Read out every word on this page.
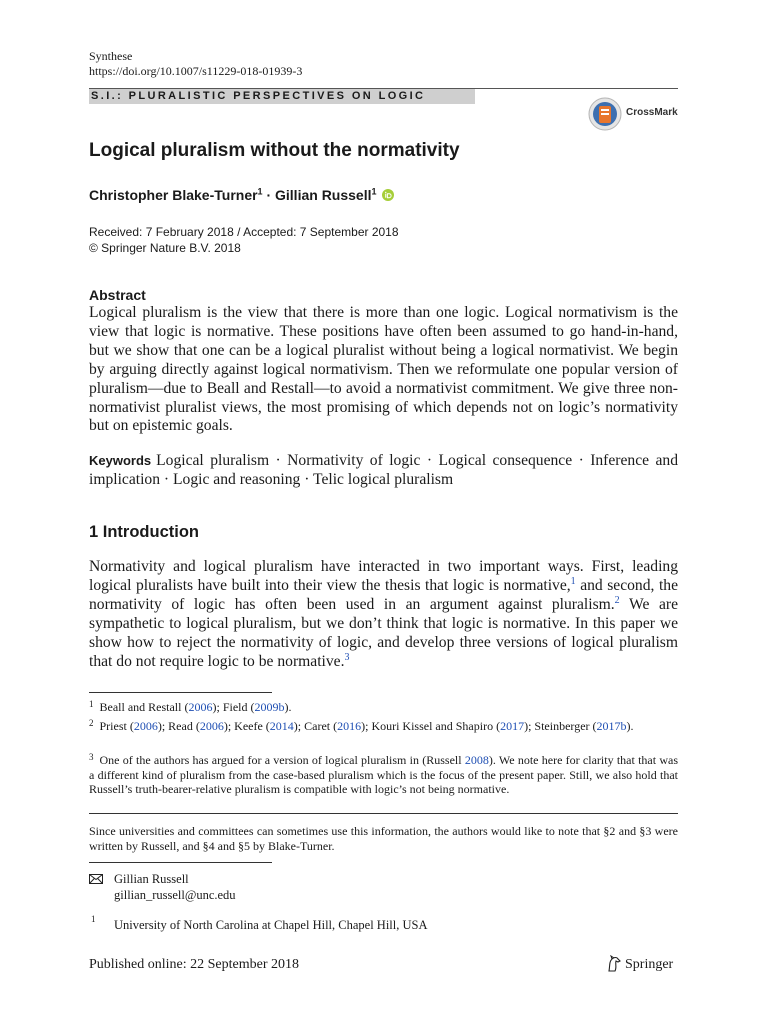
Synthese
https://doi.org/10.1007/s11229-018-01939-3
S.I.: PLURALISTIC PERSPECTIVES ON LOGIC
CrossMark
Logical pluralism without the normativity
Christopher Blake-Turner$^1$ · Gillian Russell$^1$
Received: 7 February 2018 / Accepted: 7 September 2018
© Springer Nature B.V. 2018
Abstract
Logical pluralism is the view that there is more than one logic. Logical normativism is the view that logic is normative. These positions have often been assumed to go hand-in-hand, but we show that one can be a logical pluralist without being a logical normativist. We begin by arguing directly against logical normativism. Then we reformulate one popular version of pluralism—due to Beall and Restall—to avoid a normativist commitment. We give three non-normativist pluralist views, the most promising of which depends not on logic’s normativity but on epistemic goals.
Keywords Logical pluralism · Normativity of logic · Logical consequence · Inference and implication · Logic and reasoning · Telic logical pluralism
1 Introduction
Normativity and logical pluralism have interacted in two important ways. First, leading logical pluralists have built into their view the thesis that logic is normative,$^1$ and second, the normativity of logic has often been used in an argument against pluralism.$^2$ We are sympathetic to logical pluralism, but we don’t think that logic is normative. In this paper we show how to reject the normativity of logic, and develop three versions of logical pluralism that do not require logic to be normative.$^3$
$^1$ Beall and Restall (2006); Field (2009b).
$^2$ Priest (2006); Read (2006); Keefe (2014); Caret (2016); Kouri Kissel and Shapiro (2017); Steinberger (2017b).
$^3$ One of the authors has argued for a version of logical pluralism in (Russell 2008). We note here for clarity that that was a different kind of pluralism from the case-based pluralism which is the focus of the present paper. Still, we also hold that Russell’s truth-bearer-relative pluralism is compatible with logic’s not being normative.
Since universities and committees can sometimes use this information, the authors would like to note that §2 and §3 were written by Russell, and §4 and §5 by Blake-Turner.
Gillian Russell
gillian_russell@unc.edu
1 University of North Carolina at Chapel Hill, Chapel Hill, USA
Published online: 22 September 2018	Springer
